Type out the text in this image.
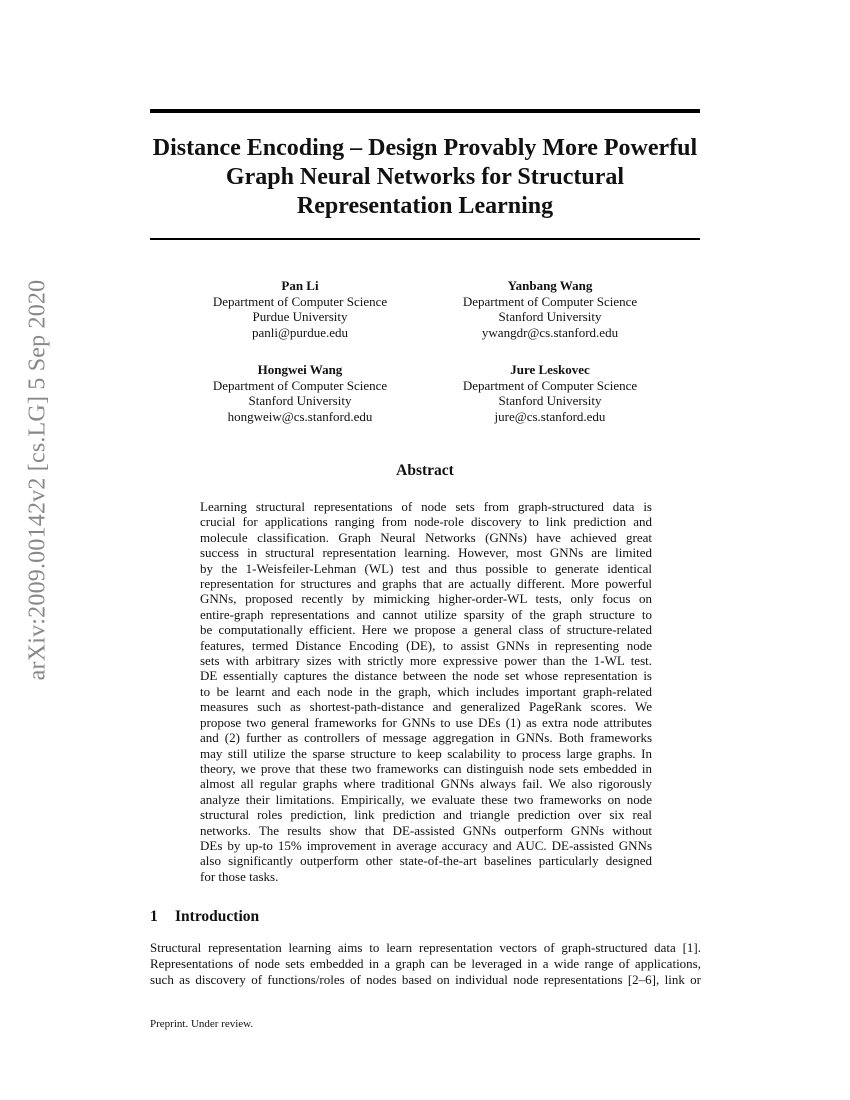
arXiv:2009.00142v2 [cs.LG] 5 Sep 2020
Distance Encoding – Design Provably More Powerful
Graph Neural Networks for Structural
Representation Learning
Pan Li
Department of Computer Science
Purdue University
panli@purdue.edu
Yanbang Wang
Department of Computer Science
Stanford University
ywangdr@cs.stanford.edu
Hongwei Wang
Department of Computer Science
Stanford University
hongweiw@cs.stanford.edu
Jure Leskovec
Department of Computer Science
Stanford University
jure@cs.stanford.edu
Abstract
Learning structural representations of node sets from graph-structured data is
crucial for applications ranging from node-role discovery to link prediction and
molecule classification. Graph Neural Networks (GNNs) have achieved great
success in structural representation learning. However, most GNNs are limited
by the 1-Weisfeiler-Lehman (WL) test and thus possible to generate identical
representation for structures and graphs that are actually different. More powerful
GNNs, proposed recently by mimicking higher-order-WL tests, only focus on
entire-graph representations and cannot utilize sparsity of the graph structure to
be computationally efficient. Here we propose a general class of structure-related
features, termed Distance Encoding (DE), to assist GNNs in representing node
sets with arbitrary sizes with strictly more expressive power than the 1-WL test.
DE essentially captures the distance between the node set whose representation is
to be learnt and each node in the graph, which includes important graph-related
measures such as shortest-path-distance and generalized PageRank scores. We
propose two general frameworks for GNNs to use DEs (1) as extra node attributes
and (2) further as controllers of message aggregation in GNNs. Both frameworks
may still utilize the sparse structure to keep scalability to process large graphs. In
theory, we prove that these two frameworks can distinguish node sets embedded in
almost all regular graphs where traditional GNNs always fail. We also rigorously
analyze their limitations. Empirically, we evaluate these two frameworks on node
structural roles prediction, link prediction and triangle prediction over six real
networks. The results show that DE-assisted GNNs outperform GNNs without
DEs by up-to 15% improvement in average accuracy and AUC. DE-assisted GNNs
also significantly outperform other state-of-the-art baselines particularly designed
for those tasks.
1 Introduction
Structural representation learning aims to learn representation vectors of graph-structured data [1].
Representations of node sets embedded in a graph can be leveraged in a wide range of applications,
such as discovery of functions/roles of nodes based on individual node representations [2–6], link or
Preprint. Under review.
